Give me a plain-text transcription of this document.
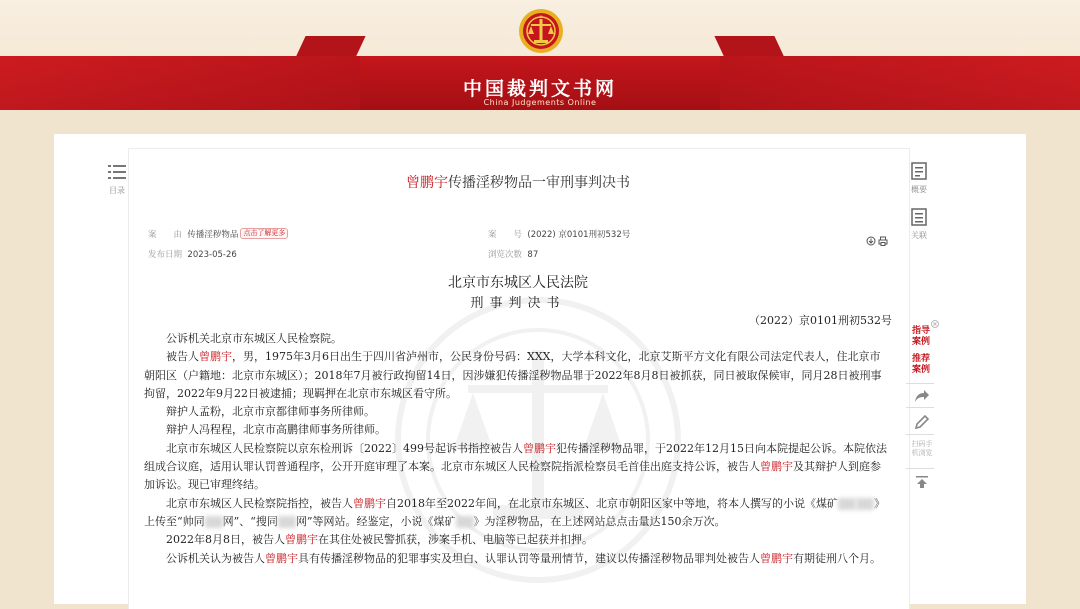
中国裁判文书网
China Judgements Online
目录	概要
关联
指导案例
推荐案例
扫码手机浏览
曾鹏宇传播淫秽物品一审刑事判决书
案　　由 传播淫秽物品 点击了解更多	案　　号 (2022) 京0101刑初532号
发布日期 2023-05-26	浏览次数 87
北京市东城区人民法院
刑事判决书
（2022）京0101刑初532号

公诉机关北京市东城区人民检察院。

被告人曾鹏宇，男，1975年3月6日出生于四川省泸州市，公民身份号码：XXX，大学本科文化，北京艾斯平方文化有限公司法定代表人，住北京市朝阳区（户籍地：北京市东城区）；2018年7月被行政拘留14日，因涉嫌犯传播淫秽物品罪于2022年8月8日被抓获，同日被取保候审，同月28日被刑事拘留，2022年9月22日被逮捕；现羁押在北京市东城区看守所。

辩护人孟粉，北京市京都律师事务所律师。

辩护人冯程程，北京市高鹏律师事务所律师。

北京市东城区人民检察院以京东检刑诉〔2022〕499号起诉书指控被告人曾鹏宇犯传播淫秽物品罪，于2022年12月15日向本院提起公诉。本院依法组成合议庭，适用认罪认罚普通程序，公开开庭审理了本案。北京市东城区人民检察院指派检察员毛首佳出庭支持公诉，被告人曾鹏宇及其辩护人到庭参加诉讼。现已审理终结。

北京市东城区人民检察院指控，被告人曾鹏宇自2018年至2022年间，在北京市东城区、北京市朝阳区家中等地，将本人撰写的小说《煤矿	》上传至“帅同 网”、“搜同 网”等网站。经鉴定，小说《煤矿 》为淫秽物品，在上述网站总点击量达150余万次。

2022年8月8日，被告人曾鹏宇在其住处被民警抓获，涉案手机、电脑等已起获并扣押。

公诉机关认为被告人曾鹏宇具有传播淫秽物品的犯罪事实及坦白、认罪认罚等量刑情节，建议以传播淫秽物品罪判处被告人曾鹏宇有期徒刑八个月。
